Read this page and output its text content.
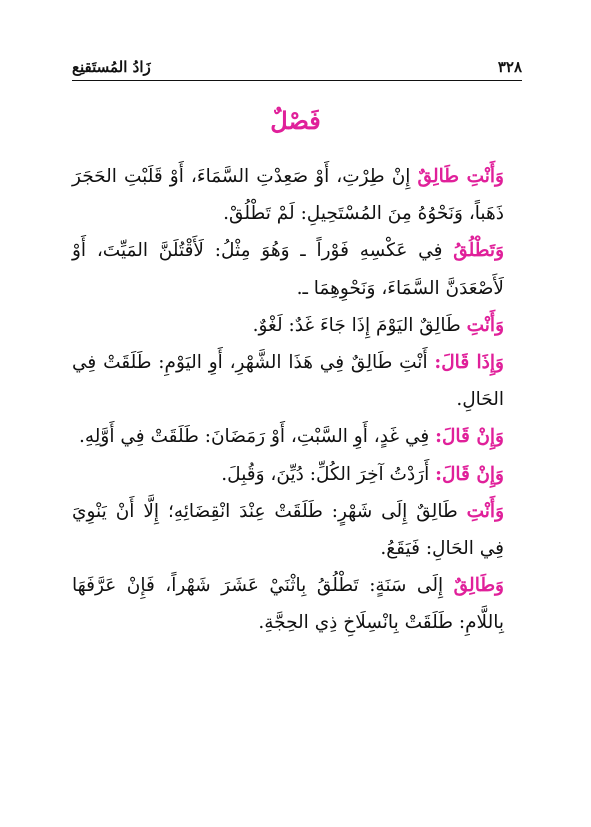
٣٢٨
زَادُ المُستَقنِع
فَصْلٌ

وَأَنْتِ طَالِقٌ إِنْ طِرْتِ، أَوْ صَعِدْتِ السَّمَاءَ، أَوْ قَلَبْتِ الحَجَرَ ذَهَباً، وَنَحْوُهُ مِنَ المُسْتَحِيلِ: لَمْ تَطْلُقْ.

وَتَطْلُقُ فِي عَكْسِهِ فَوْراً ـ وَهُوَ مِثْلُ: لَأَقْتُلَنَّ المَيِّتَ، أَوْ لَأَصْعَدَنَّ السَّمَاءَ، وَنَحْوِهِمَا ـ.

وَأَنْتِ طَالِقٌ اليَوْمَ إِذَا جَاءَ غَدٌ: لَغْوٌ.

وَإِذَا قَالَ: أَنْتِ طَالِقٌ فِي هَذَا الشَّهْرِ، أَوِ اليَوْمِ: طَلَقَتْ فِي الحَالِ.

وَإِنْ قَالَ: فِي غَدٍ، أَوِ السَّبْتِ، أَوْ رَمَضَانَ: طَلَقَتْ فِي أَوَّلِهِ.

وَإِنْ قَالَ: أَرَدْتُ آخِرَ الكُلِّ: دُيِّنَ، وَقُبِلَ.

وَأَنْتِ طَالِقٌ إِلَى شَهْرٍ: طَلَقَتْ عِنْدَ انْقِضَائِهِ؛ إِلَّا أَنْ يَنْوِيَ فِي الحَالِ: فَيَقَعُ.

وَطَالِقٌ إِلَى سَنَةٍ: تَطْلُقُ بِاثْنَيْ عَشَرَ شَهْراً، فَإِنْ عَرَّفَهَا بِاللَّامِ: طَلَقَتْ بِانْسِلَاخِ ذِي الحِجَّةِ.
